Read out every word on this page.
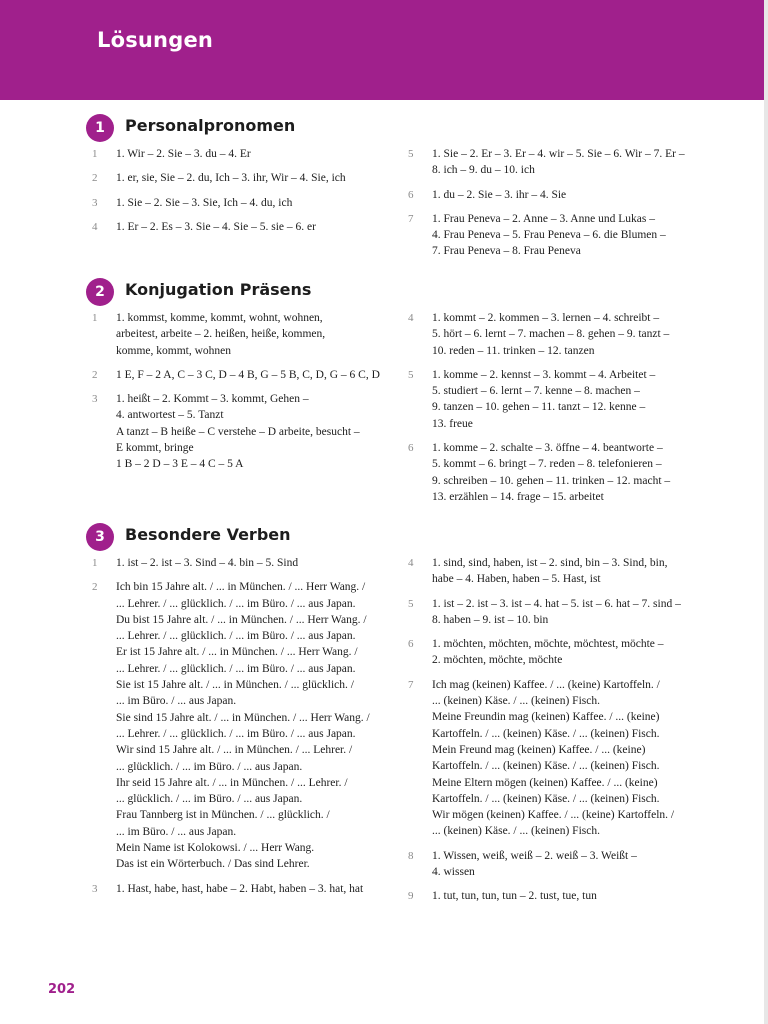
Lösungen
1	Personalpronomen
1	1. Wir – 2. Sie – 3. du – 4. Er
2	1. er, sie, Sie – 2. du, Ich – 3. ihr, Wir – 4. Sie, ich
3	1. Sie – 2. Sie – 3. Sie, Ich – 4. du, ich
4	1. Er – 2. Es – 3. Sie – 4. Sie – 5. sie – 6. er
5	1. Sie – 2. Er – 3. Er – 4. wir – 5. Sie – 6. Wir – 7. Er –
8. ich – 9. du – 10. ich
6	1. du – 2. Sie – 3. ihr – 4. Sie
7	1. Frau Peneva – 2. Anne – 3. Anne und Lukas –
4. Frau Peneva – 5. Frau Peneva – 6. die Blumen –
7. Frau Peneva – 8. Frau Peneva
2	Konjugation Präsens
1	1. kommst, komme, kommt, wohnt, wohnen,
arbeitest, arbeite – 2. heißen, heiße, kommen,
komme, kommt, wohnen
2	1 E, F – 2 A, C – 3 C, D – 4 B, G – 5 B, C, D, G – 6 C, D
3	1. heißt – 2. Kommt – 3. kommt, Gehen –
4. antwortest – 5. Tanzt
A tanzt – B heiße – C verstehe – D arbeite, besucht –
E kommt, bringe
1 B – 2 D – 3 E – 4 C – 5 A
4	1. kommt – 2. kommen – 3. lernen – 4. schreibt –
5. hört – 6. lernt – 7. machen – 8. gehen – 9. tanzt –
10. reden – 11. trinken – 12. tanzen
5	1. komme – 2. kennst – 3. kommt – 4. Arbeitet –
5. studiert – 6. lernt – 7. kenne – 8. machen –
9. tanzen – 10. gehen – 11. tanzt – 12. kenne –
13. freue
6	1. komme – 2. schalte – 3. öffne – 4. beantworte –
5. kommt – 6. bringt – 7. reden – 8. telefonieren –
9. schreiben – 10. gehen – 11. trinken – 12. macht –
13. erzählen – 14. frage – 15. arbeitet
3	Besondere Verben
1	1. ist – 2. ist – 3. Sind – 4. bin – 5. Sind
2	Ich bin 15 Jahre alt. / ... in München. / ... Herr Wang. /
... Lehrer. / ... glücklich. / ... im Büro. / ... aus Japan.
Du bist 15 Jahre alt. / ... in München. / ... Herr Wang. /
... Lehrer. / ... glücklich. / ... im Büro. / ... aus Japan.
Er ist 15 Jahre alt. / ... in München. / ... Herr Wang. /
... Lehrer. / ... glücklich. / ... im Büro. / ... aus Japan.
Sie ist 15 Jahre alt. / ... in München. / ... glücklich. /
... im Büro. / ... aus Japan.
Sie sind 15 Jahre alt. / ... in München. / ... Herr Wang. /
... Lehrer. / ... glücklich. / ... im Büro. / ... aus Japan.
Wir sind 15 Jahre alt. / ... in München. / ... Lehrer. /
... glücklich. / ... im Büro. / ... aus Japan.
Ihr seid 15 Jahre alt. / ... in München. / ... Lehrer. /
... glücklich. / ... im Büro. / ... aus Japan.
Frau Tannberg ist in München. / ... glücklich. /
... im Büro. / ... aus Japan.
Mein Name ist Kolokowsi. / ... Herr Wang.
Das ist ein Wörterbuch. / Das sind Lehrer.
3	1. Hast, habe, hast, habe – 2. Habt, haben – 3. hat, hat
4	1. sind, sind, haben, ist – 2. sind, bin – 3. Sind, bin,
habe – 4. Haben, haben – 5. Hast, ist
5	1. ist – 2. ist – 3. ist – 4. hat – 5. ist – 6. hat – 7. sind –
8. haben – 9. ist – 10. bin
6	1. möchten, möchten, möchte, möchtest, möchte –
2. möchten, möchte, möchte
7	Ich mag (keinen) Kaffee. / ... (keine) Kartoffeln. /
... (keinen) Käse. / ... (keinen) Fisch.
Meine Freundin mag (keinen) Kaffee. / ... (keine)
Kartoffeln. / ... (keinen) Käse. / ... (keinen) Fisch.
Mein Freund mag (keinen) Kaffee. / ... (keine)
Kartoffeln. / ... (keinen) Käse. / ... (keinen) Fisch.
Meine Eltern mögen (keinen) Kaffee. / ... (keine)
Kartoffeln. / ... (keinen) Käse. / ... (keinen) Fisch.
Wir mögen (keinen) Kaffee. / ... (keine) Kartoffeln. /
... (keinen) Käse. / ... (keinen) Fisch.
8	1. Wissen, weiß, weiß – 2. weiß – 3. Weißt –
4. wissen
9	1. tut, tun, tun, tun – 2. tust, tue, tun
202
